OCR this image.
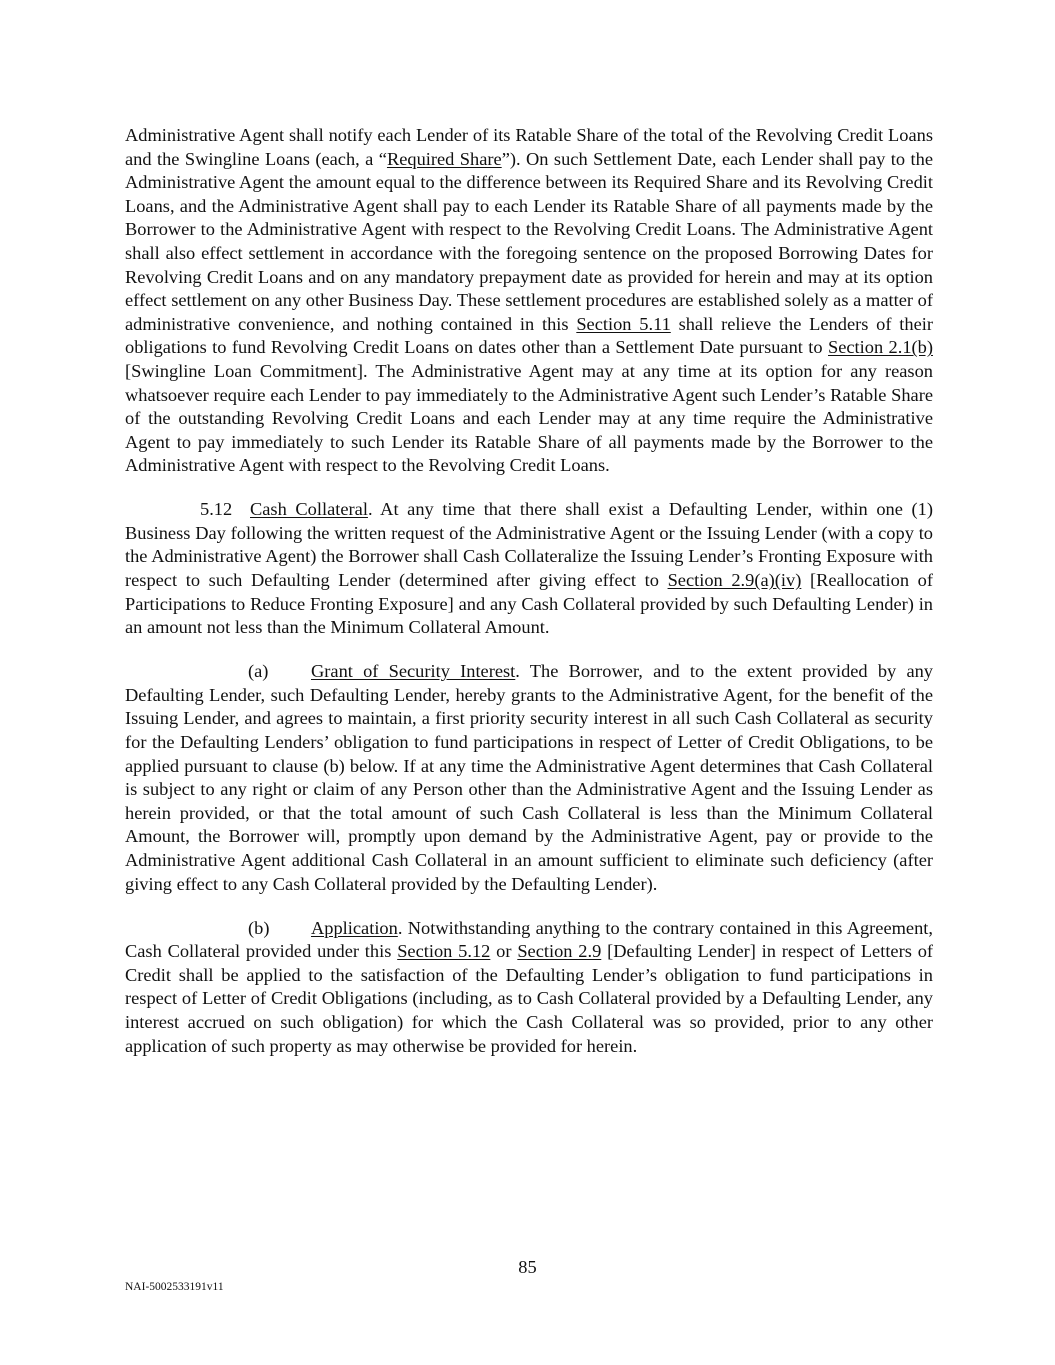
Administrative Agent shall notify each Lender of its Ratable Share of the total of the Revolving Credit Loans and the Swingline Loans (each, a “Required Share”). On such Settlement Date, each Lender shall pay to the Administrative Agent the amount equal to the difference between its Required Share and its Revolving Credit Loans, and the Administrative Agent shall pay to each Lender its Ratable Share of all payments made by the Borrower to the Administrative Agent with respect to the Revolving Credit Loans. The Administrative Agent shall also effect settlement in accordance with the foregoing sentence on the proposed Borrowing Dates for Revolving Credit Loans and on any mandatory prepayment date as provided for herein and may at its option effect settlement on any other Business Day. These settlement procedures are established solely as a matter of administrative convenience, and nothing contained in this Section 5.11 shall relieve the Lenders of their obligations to fund Revolving Credit Loans on dates other than a Settlement Date pursuant to Section 2.1(b) [Swingline Loan Commitment]. The Administrative Agent may at any time at its option for any reason whatsoever require each Lender to pay immediately to the Administrative Agent such Lender’s Ratable Share of the outstanding Revolving Credit Loans and each Lender may at any time require the Administrative Agent to pay immediately to such Lender its Ratable Share of all payments made by the Borrower to the Administrative Agent with respect to the Revolving Credit Loans.

5.12 Cash Collateral. At any time that there shall exist a Defaulting Lender, within one (1) Business Day following the written request of the Administrative Agent or the Issuing Lender (with a copy to the Administrative Agent) the Borrower shall Cash Collateralize the Issuing Lender’s Fronting Exposure with respect to such Defaulting Lender (determined after giving effect to Section 2.9(a)(iv) [Reallocation of Participations to Reduce Fronting Exposure] and any Cash Collateral provided by such Defaulting Lender) in an amount not less than the Minimum Collateral Amount.

(a) Grant of Security Interest. The Borrower, and to the extent provided by any Defaulting Lender, such Defaulting Lender, hereby grants to the Administrative Agent, for the benefit of the Issuing Lender, and agrees to maintain, a first priority security interest in all such Cash Collateral as security for the Defaulting Lenders’ obligation to fund participations in respect of Letter of Credit Obligations, to be applied pursuant to clause (b) below. If at any time the Administrative Agent determines that Cash Collateral is subject to any right or claim of any Person other than the Administrative Agent and the Issuing Lender as herein provided, or that the total amount of such Cash Collateral is less than the Minimum Collateral Amount, the Borrower will, promptly upon demand by the Administrative Agent, pay or provide to the Administrative Agent additional Cash Collateral in an amount sufficient to eliminate such deficiency (after giving effect to any Cash Collateral provided by the Defaulting Lender).

(b) Application. Notwithstanding anything to the contrary contained in this Agreement, Cash Collateral provided under this Section 5.12 or Section 2.9 [Defaulting Lender] in respect of Letters of Credit shall be applied to the satisfaction of the Defaulting Lender’s obligation to fund participations in respect of Letter of Credit Obligations (including, as to Cash Collateral provided by a Defaulting Lender, any interest accrued on such obligation) for which the Cash Collateral was so provided, prior to any other application of such property as may otherwise be provided for herein.

85
NAI-5002533191v11
